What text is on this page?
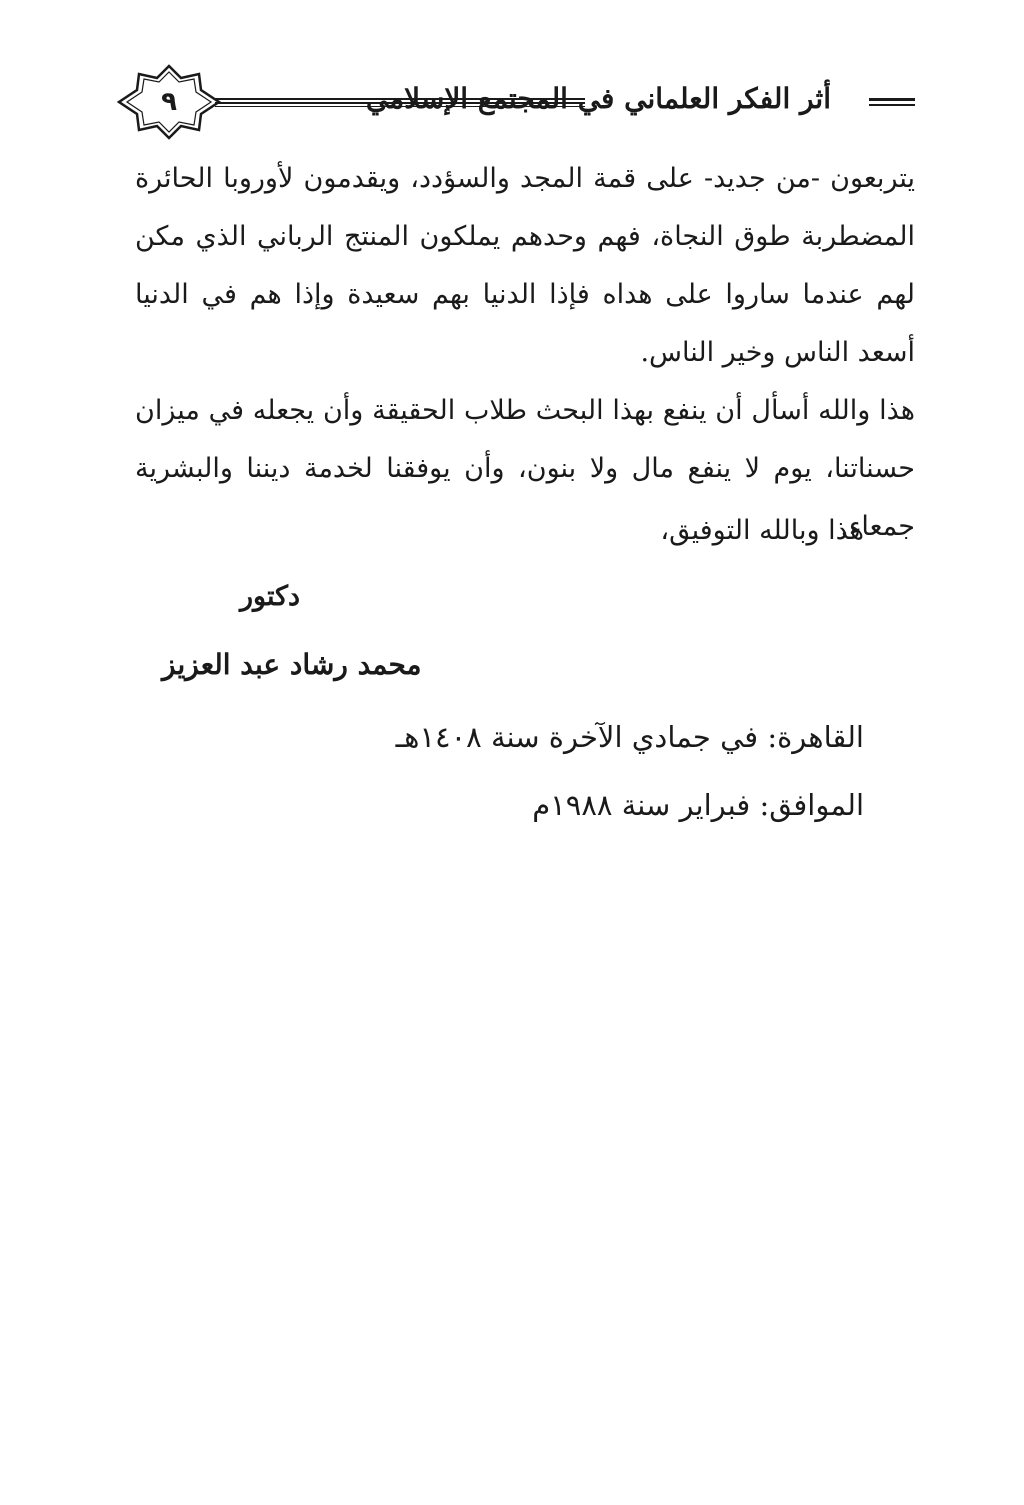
٩	أثر الفكر العلماني في المجتمع الإسلامي
يتربعون -من جديد- على قمة المجد والسؤدد، ويقدمون لأوروبا الحائرة المضطربة طوق النجاة، فهم وحدهم يملكون المنتج الرباني الذي مكن لهم عندما ساروا على هداه فإذا الدنيا بهم سعيدة وإذا هم في الدنيا أسعد الناس وخير الناس.
هذا والله أسأل أن ينفع بهذا البحث طلاب الحقيقة وأن يجعله في ميزان حسناتنا، يوم لا ينفع مال ولا بنون، وأن يوفقنا لخدمة ديننا والبشرية جمعاء.
هذا وبالله التوفيق،
دكتور
محمد رشاد عبد العزيز
القاهرة: في جمادي الآخرة سنة ١٤٠٨هـ
الموافق: فبراير سنة ١٩٨٨م
